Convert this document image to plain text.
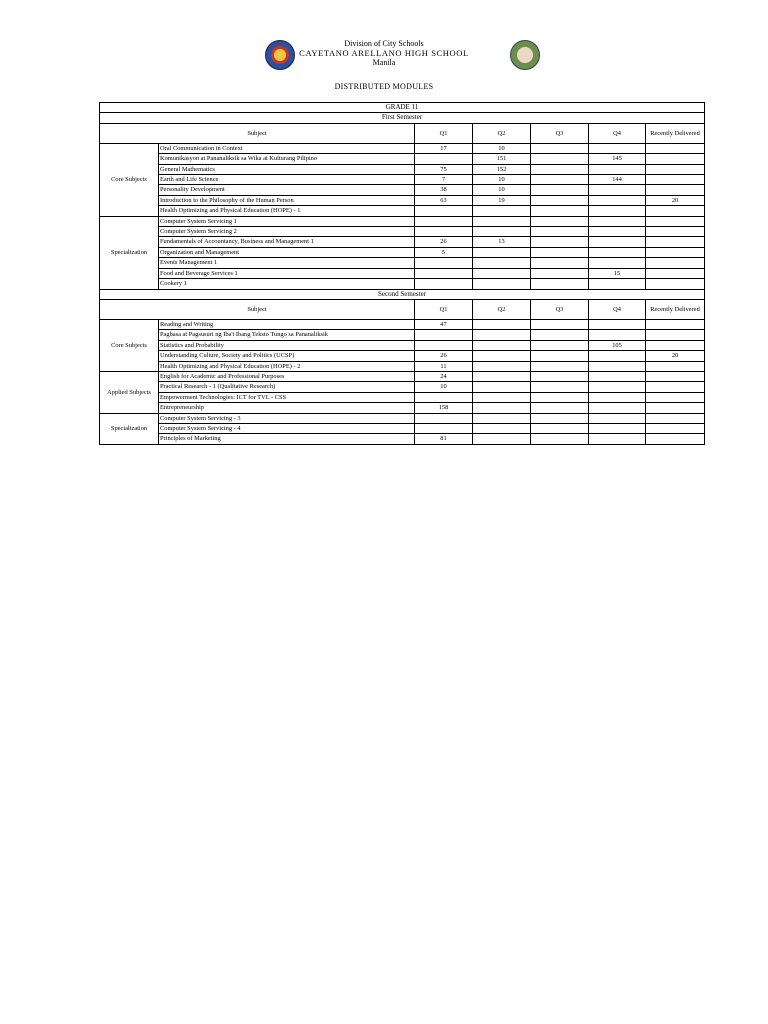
Division of City Schools
CAYETANO ARELLANO HIGH SCHOOL
Manila
DISTRIBUTED MODULES
GRADE 11						
First Semester						
Subject		Q1	Q2	Q3	Q4	Recently Delivered
Core Subjects	Oral Communication in Context	17	10			
	Komunikasyon at Pananaliksik sa Wika at Kulturang Pilipino		151		145	
	General Mathematics	75	152			
	Earth and Life Science	7	10		144	
	Personality Development	38	10			
	Introduction to the Philosophy of the Human Person	63	19			20
	Health Optimizing and Physical Education (HOPE) - 1					
Specialization	Computer System Servicing 1					
	Computer System Servicing 2					
	Fundamentals of Accountancy, Business and Management 1	26	13			
	Organization and Management	5				
	Events Management 1					
	Food and Beverage Services 1				15	
	Cookery 1					
Second Semester						
Subject		Q1	Q2	Q3	Q4	Recently Delivered
Core Subjects	Reading and Writing	47				
	Pagbasa at Pagsusuri ng Iba't Ibang Teksto Tungo sa Pananaliksik					
	Statistics and Probability				105	
	Understanding Culture, Society and Politics (UCSP)	26				20
	Health Optimizing and Physical Education (HOPE) - 2	11				
Applied Subjects	English for Academic and Professional Purposes	24				
	Practical Research - 1 (Qualitative Research)	10				
	Empowerment Technologies: ICT for TVL - CSS					
	Entrepreneurship	158				
Specialization	Computer System Servicing - 3					
	Computer System Servicing - 4					
	Principles of Marketing	81				
